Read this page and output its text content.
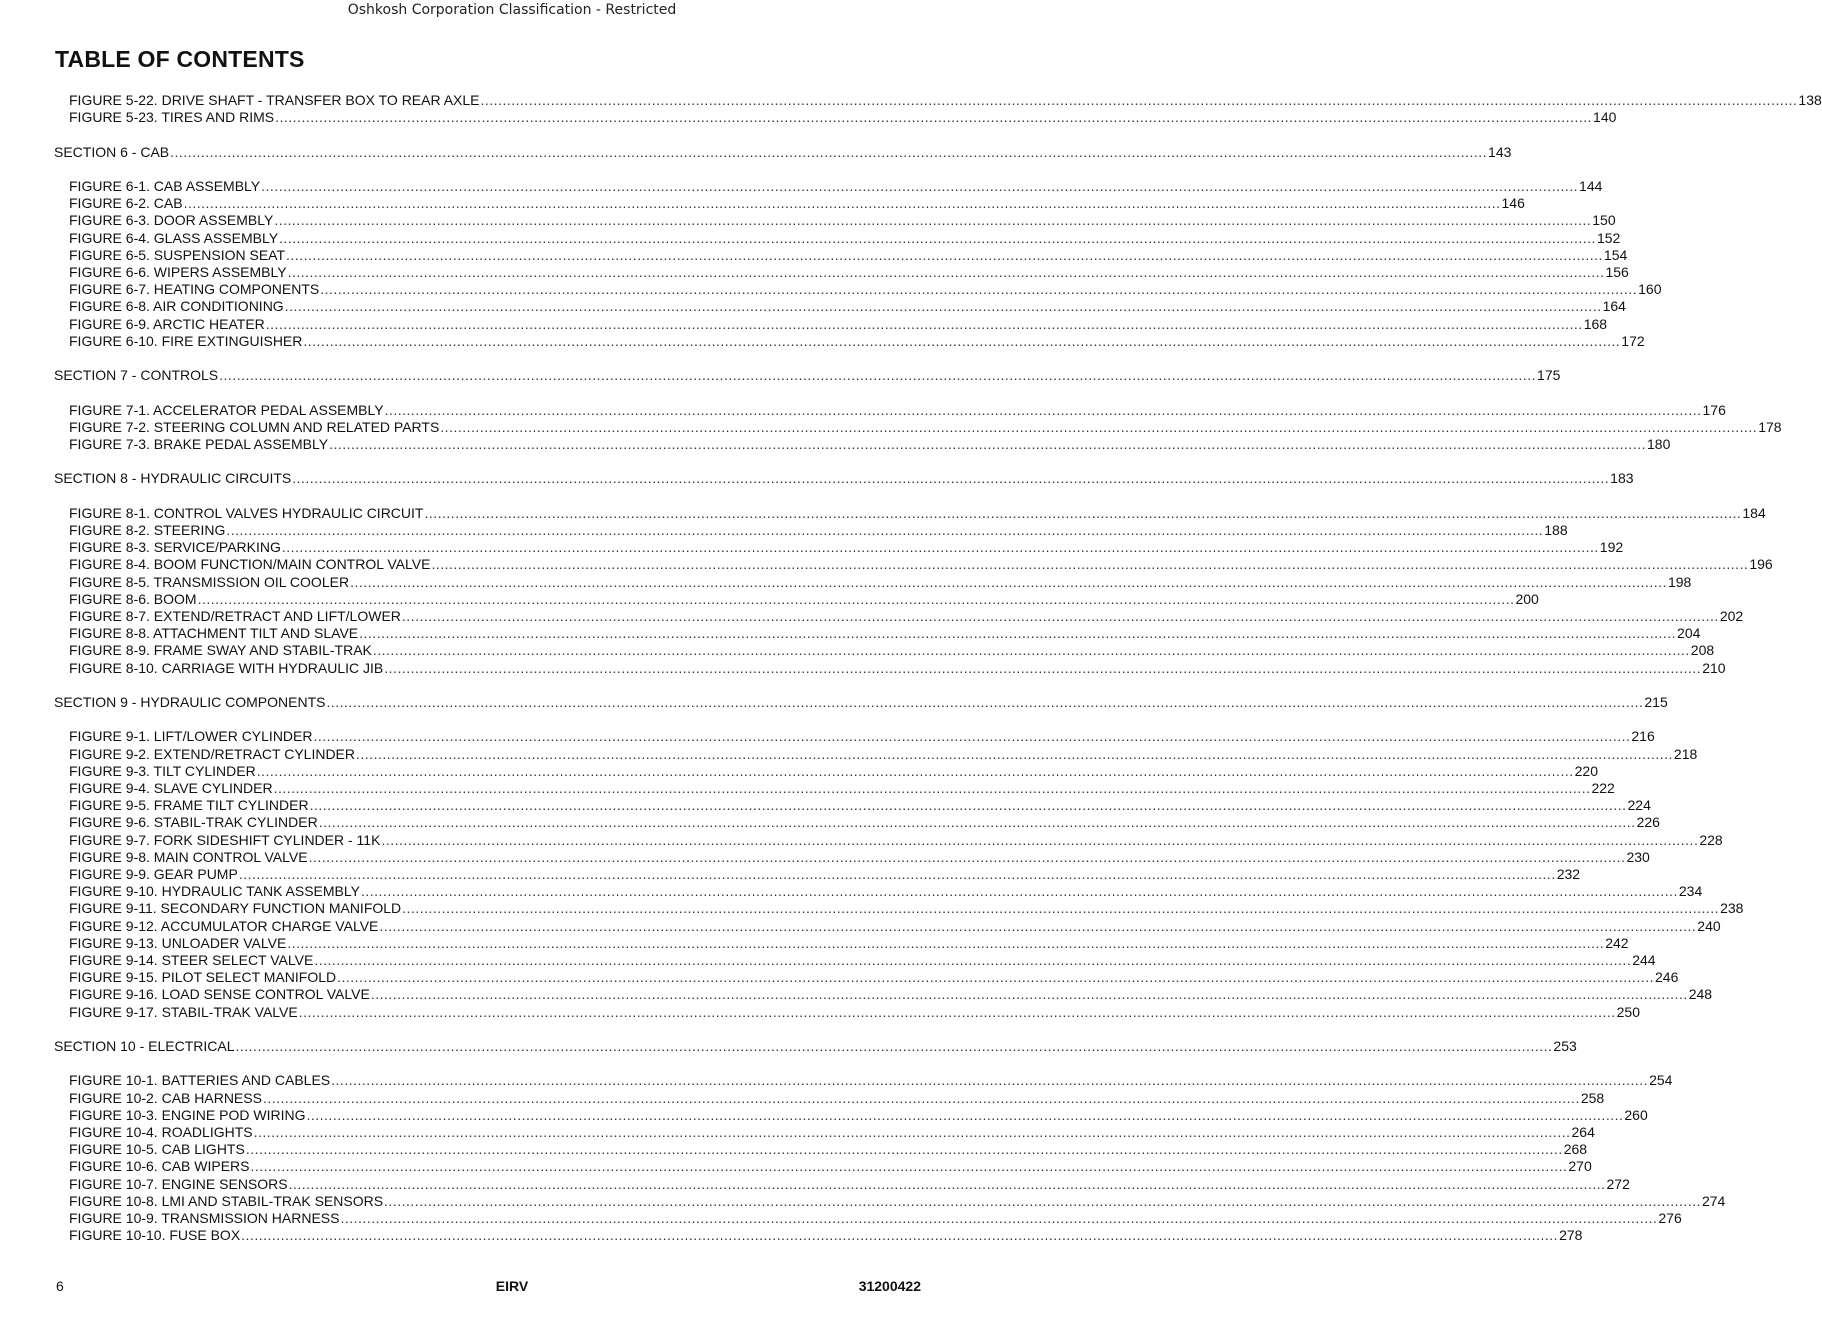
Oshkosh Corporation Classification - Restricted
TABLE OF CONTENTS
FIGURE 5-22. DRIVE SHAFT - TRANSFER BOX TO REAR AXLE ............................................................................................................................................................................................................................................................................................................ 138
FIGURE 5-23. TIRES AND RIMS ............................................................................................................................................................................................................................................................................................................ 140
SECTION 6 - CAB ............................................................................................................................................................................................................................................................................................................ 143
FIGURE 6-1. CAB ASSEMBLY ............................................................................................................................................................................................................................................................................................................ 144
FIGURE 6-2. CAB ............................................................................................................................................................................................................................................................................................................ 146
FIGURE 6-3. DOOR ASSEMBLY ............................................................................................................................................................................................................................................................................................................ 150
FIGURE 6-4. GLASS ASSEMBLY ............................................................................................................................................................................................................................................................................................................ 152
FIGURE 6-5. SUSPENSION SEAT ............................................................................................................................................................................................................................................................................................................ 154
FIGURE 6-6. WIPERS ASSEMBLY ............................................................................................................................................................................................................................................................................................................ 156
FIGURE 6-7. HEATING COMPONENTS ............................................................................................................................................................................................................................................................................................................ 160
FIGURE 6-8. AIR CONDITIONING ............................................................................................................................................................................................................................................................................................................ 164
FIGURE 6-9. ARCTIC HEATER ............................................................................................................................................................................................................................................................................................................ 168
FIGURE 6-10. FIRE EXTINGUISHER ............................................................................................................................................................................................................................................................................................................ 172
SECTION 7 - CONTROLS ............................................................................................................................................................................................................................................................................................................ 175
FIGURE 7-1. ACCELERATOR PEDAL ASSEMBLY ............................................................................................................................................................................................................................................................................................................ 176
FIGURE 7-2. STEERING COLUMN AND RELATED PARTS ............................................................................................................................................................................................................................................................................................................ 178
FIGURE 7-3. BRAKE PEDAL ASSEMBLY ............................................................................................................................................................................................................................................................................................................ 180
SECTION 8 - HYDRAULIC CIRCUITS ............................................................................................................................................................................................................................................................................................................ 183
FIGURE 8-1. CONTROL VALVES HYDRAULIC CIRCUIT ............................................................................................................................................................................................................................................................................................................ 184
FIGURE 8-2. STEERING ............................................................................................................................................................................................................................................................................................................ 188
FIGURE 8-3. SERVICE/PARKING ............................................................................................................................................................................................................................................................................................................ 192
FIGURE 8-4. BOOM FUNCTION/MAIN CONTROL VALVE ............................................................................................................................................................................................................................................................................................................ 196
FIGURE 8-5. TRANSMISSION OIL COOLER ............................................................................................................................................................................................................................................................................................................ 198
FIGURE 8-6. BOOM ............................................................................................................................................................................................................................................................................................................ 200
FIGURE 8-7. EXTEND/RETRACT AND LIFT/LOWER ............................................................................................................................................................................................................................................................................................................ 202
FIGURE 8-8. ATTACHMENT TILT AND SLAVE ............................................................................................................................................................................................................................................................................................................ 204
FIGURE 8-9. FRAME SWAY AND STABIL-TRAK ............................................................................................................................................................................................................................................................................................................ 208
FIGURE 8-10. CARRIAGE WITH HYDRAULIC JIB ............................................................................................................................................................................................................................................................................................................ 210
SECTION 9 - HYDRAULIC COMPONENTS ............................................................................................................................................................................................................................................................................................................ 215
FIGURE 9-1. LIFT/LOWER CYLINDER ............................................................................................................................................................................................................................................................................................................ 216
FIGURE 9-2. EXTEND/RETRACT CYLINDER ............................................................................................................................................................................................................................................................................................................ 218
FIGURE 9-3. TILT CYLINDER ............................................................................................................................................................................................................................................................................................................ 220
FIGURE 9-4. SLAVE CYLINDER ............................................................................................................................................................................................................................................................................................................ 222
FIGURE 9-5. FRAME TILT CYLINDER ............................................................................................................................................................................................................................................................................................................ 224
FIGURE 9-6. STABIL-TRAK CYLINDER ............................................................................................................................................................................................................................................................................................................ 226
FIGURE 9-7. FORK SIDESHIFT CYLINDER - 11K ............................................................................................................................................................................................................................................................................................................ 228
FIGURE 9-8. MAIN CONTROL VALVE ............................................................................................................................................................................................................................................................................................................ 230
FIGURE 9-9. GEAR PUMP ............................................................................................................................................................................................................................................................................................................ 232
FIGURE 9-10. HYDRAULIC TANK ASSEMBLY ............................................................................................................................................................................................................................................................................................................ 234
FIGURE 9-11. SECONDARY FUNCTION MANIFOLD ............................................................................................................................................................................................................................................................................................................ 238
FIGURE 9-12. ACCUMULATOR CHARGE VALVE ............................................................................................................................................................................................................................................................................................................ 240
FIGURE 9-13. UNLOADER VALVE ............................................................................................................................................................................................................................................................................................................ 242
FIGURE 9-14. STEER SELECT VALVE ............................................................................................................................................................................................................................................................................................................ 244
FIGURE 9-15. PILOT SELECT MANIFOLD ............................................................................................................................................................................................................................................................................................................ 246
FIGURE 9-16. LOAD SENSE CONTROL VALVE ............................................................................................................................................................................................................................................................................................................ 248
FIGURE 9-17. STABIL-TRAK VALVE ............................................................................................................................................................................................................................................................................................................ 250
SECTION 10 - ELECTRICAL ............................................................................................................................................................................................................................................................................................................ 253
FIGURE 10-1. BATTERIES AND CABLES ............................................................................................................................................................................................................................................................................................................ 254
FIGURE 10-2. CAB HARNESS ............................................................................................................................................................................................................................................................................................................ 258
FIGURE 10-3. ENGINE POD WIRING ............................................................................................................................................................................................................................................................................................................ 260
FIGURE 10-4. ROADLIGHTS ............................................................................................................................................................................................................................................................................................................ 264
FIGURE 10-5. CAB LIGHTS ............................................................................................................................................................................................................................................................................................................ 268
FIGURE 10-6. CAB WIPERS ............................................................................................................................................................................................................................................................................................................ 270
FIGURE 10-7. ENGINE SENSORS ............................................................................................................................................................................................................................................................................................................ 272
FIGURE 10-8. LMI AND STABIL-TRAK SENSORS ............................................................................................................................................................................................................................................................................................................ 274
FIGURE 10-9. TRANSMISSION HARNESS ............................................................................................................................................................................................................................................................................................................ 276
FIGURE 10-10. FUSE BOX ............................................................................................................................................................................................................................................................................................................ 278
6	EIRV	31200422
